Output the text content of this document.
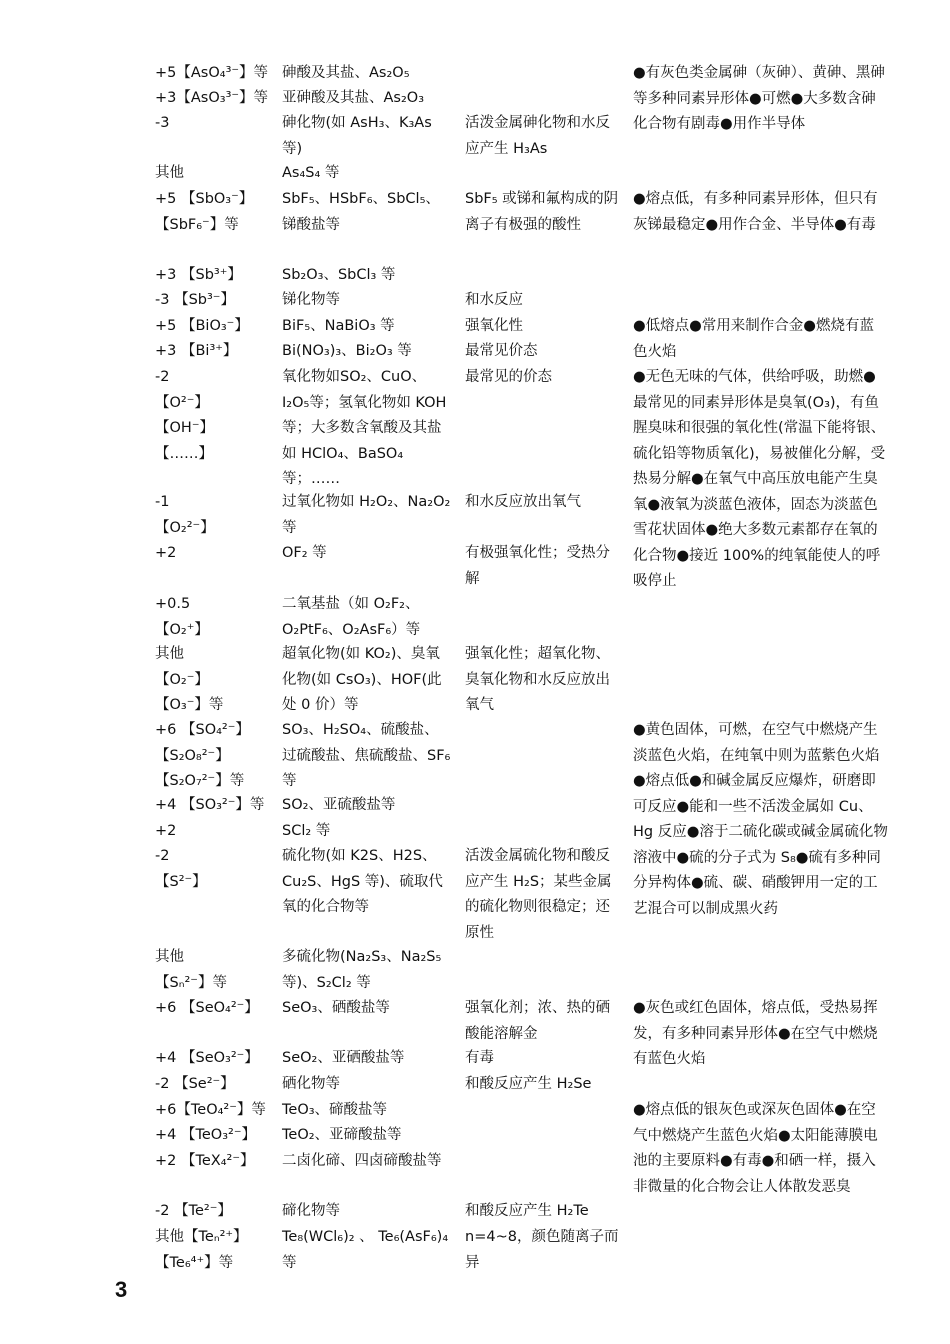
+5【AsO₄³⁻】等

+3【AsO₃³⁻】等

-3

其他

+5 【SbO₃⁻】
【SbF₆⁻】等

+3 【Sb³⁺】

-3 【Sb³⁻】

+5 【BiO₃⁻】

+3 【Bi³⁺】

-2
【O²⁻】
【OH⁻】
【……】

-1
【O₂²⁻】

+2

+0.5
【O₂⁺】

其他
【O₂⁻】
【O₃⁻】等

+6 【SO₄²⁻】
【S₂O₈²⁻】
【S₂O₇²⁻】等

+4 【SO₃²⁻】等

+2

-2
【S²⁻】

其他
【Sₙ²⁻】等

+6 【SeO₄²⁻】

+4 【SeO₃²⁻】

-2 【Se²⁻】

+6【TeO₄²⁻】等

+4 【TeO₃²⁻】

+2 【TeX₄²⁻】

-2 【Te²⁻】

其他【Teₙ²⁺】
【Te₆⁴⁺】等

砷酸及其盐、As₂O₅

亚砷酸及其盐、As₂O₃

砷化物(如 AsH₃、K₃As 等)

As₄S₄ 等

SbF₅、HSbF₆、SbCl₅、锑酸盐等

Sb₂O₃、SbCl₃ 等

锑化物等

BiF₅、NaBiO₃ 等

Bi(NO₃)₃、Bi₂O₃ 等

氧化物如SO₂、CuO、I₂O₅等；氢氧化物如 KOH 等；大多数含氧酸及其盐如 HClO₄、BaSO₄ 等；……

过氧化物如 H₂O₂、Na₂O₂ 等

OF₂ 等

二氧基盐（如 O₂F₂、O₂PtF₆、O₂AsF₆）等

超氧化物(如 KO₂)、臭氧化物(如 CsO₃)、HOF(此处 0 价）等

SO₃、H₂SO₄、硫酸盐、过硫酸盐、焦硫酸盐、SF₆ 等

SO₂、亚硫酸盐等

SCl₂ 等

硫化物(如 K2S、H2S、Cu₂S、HgS 等)、硫取代氧的化合物等

多硫化物(Na₂S₃、Na₂S₅ 等)、S₂Cl₂ 等

SeO₃、硒酸盐等

SeO₂、亚硒酸盐等

硒化物等

TeO₃、碲酸盐等

TeO₂、亚碲酸盐等

二卤化碲、四卤碲酸盐等

碲化物等

Te₈(WCl₆)₂ 、 Te₆(AsF₆)₄ 等

活泼金属砷化物和水反应产生 H₃As

SbF₅ 或锑和氟构成的阴离子有极强的酸性

和水反应

强氧化性

最常见价态

最常见的价态

和水反应放出氧气

有极强氧化性；受热分解

强氧化性；超氧化物、臭氧化物和水反应放出氧气

活泼金属硫化物和酸反应产生 H₂S；某些金属的硫化物则很稳定；还原性

强氧化剂；浓、热的硒酸能溶解金

有毒

和酸反应产生 H₂Se

和酸反应产生 H₂Te

n=4~8，颜色随离子而异

●有灰色类金属砷（灰砷）、黄砷、黑砷等多种同素异形体●可燃●大多数含砷化合物有剧毒●用作半导体

●熔点低，有多种同素异形体，但只有灰锑最稳定●用作合金、半导体●有毒

●低熔点●常用来制作合金●燃烧有蓝色火焰

●无色无味的气体，供给呼吸，助燃●最常见的同素异形体是臭氧(O₃)，有鱼腥臭味和很强的氧化性(常温下能将银、硫化铅等物质氧化)，易被催化分解，受热易分解●在氧气中高压放电能产生臭氧●液氧为淡蓝色液体，固态为淡蓝色雪花状固体●绝大多数元素都存在氧的化合物●接近 100%的纯氧能使人的呼吸停止

●黄色固体，可燃，在空气中燃烧产生淡蓝色火焰，在纯氧中则为蓝紫色火焰●熔点低●和碱金属反应爆炸，研磨即可反应●能和一些不活泼金属如 Cu、Hg 反应●溶于二硫化碳或碱金属硫化物溶液中●硫的分子式为 S₈●硫有多种同分异构体●硫、碳、硝酸钾用一定的工艺混合可以制成黑火药

●灰色或红色固体，熔点低，受热易挥发，有多种同素异形体●在空气中燃烧有蓝色火焰

●熔点低的银灰色或深灰色固体●在空气中燃烧产生蓝色火焰●太阳能薄膜电池的主要原料●有毒●和硒一样，摄入非微量的化合物会让人体散发恶臭

3
